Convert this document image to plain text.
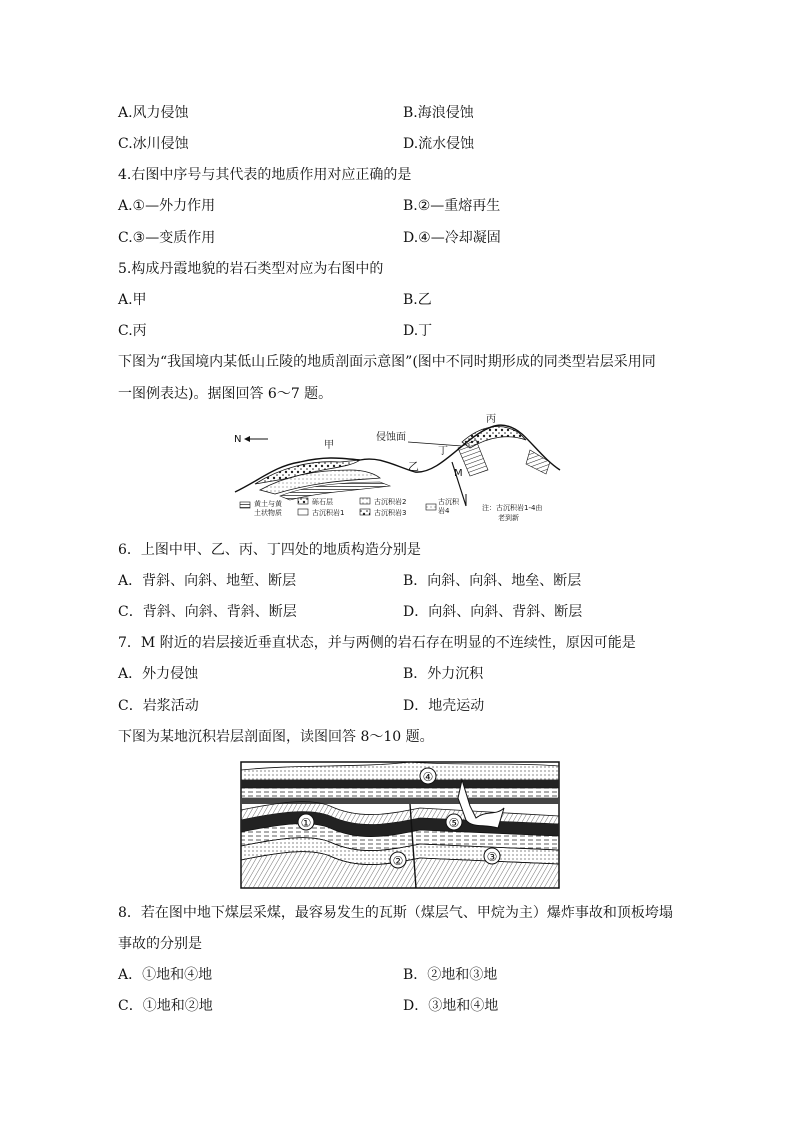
A.风力侵蚀	B.海浪侵蚀
C.冰川侵蚀	D.流水侵蚀
4.右图中序号与其代表的地质作用对应正确的是
A.①—外力作用	B.②—重熔再生
C.③—变质作用	D.④—冷却凝固
5.构成丹霞地貌的岩石类型对应为右图中的
A.甲	B.乙
C.丙	D.丁
下图为“我国境内某低山丘陵的地质剖面示意图”(图中不同时期形成的同类型岩层采用同
一图例表达)。据图回答 6～7 题。
N
甲
乙
丙
丁
M
侵蚀面
黄土与黄
土状物质
砾石层
古沉积岩1
古沉积岩2
古沉积岩3
古沉积
岩4	注：古沉积岩1-4由
老到新
6．上图中甲、乙、丙、丁四处的地质构造分别是
A．背斜、向斜、地堑、断层	B．向斜、向斜、地垒、断层
C．背斜、向斜、背斜、断层	D．向斜、向斜、背斜、断层
7．M 附近的岩层接近垂直状态，并与两侧的岩石存在明显的不连续性，原因可能是
A．外力侵蚀	B．外力沉积
C．岩浆活动	D．地壳运动
下图为某地沉积岩层剖面图，读图回答 8～10 题。
①
②	③
④
⑤
8．若在图中地下煤层采煤，最容易发生的瓦斯（煤层气、甲烷为主）爆炸事故和顶板垮塌
事故的分别是
A．①地和④地	B．②地和③地
C．①地和②地	D．③地和④地
